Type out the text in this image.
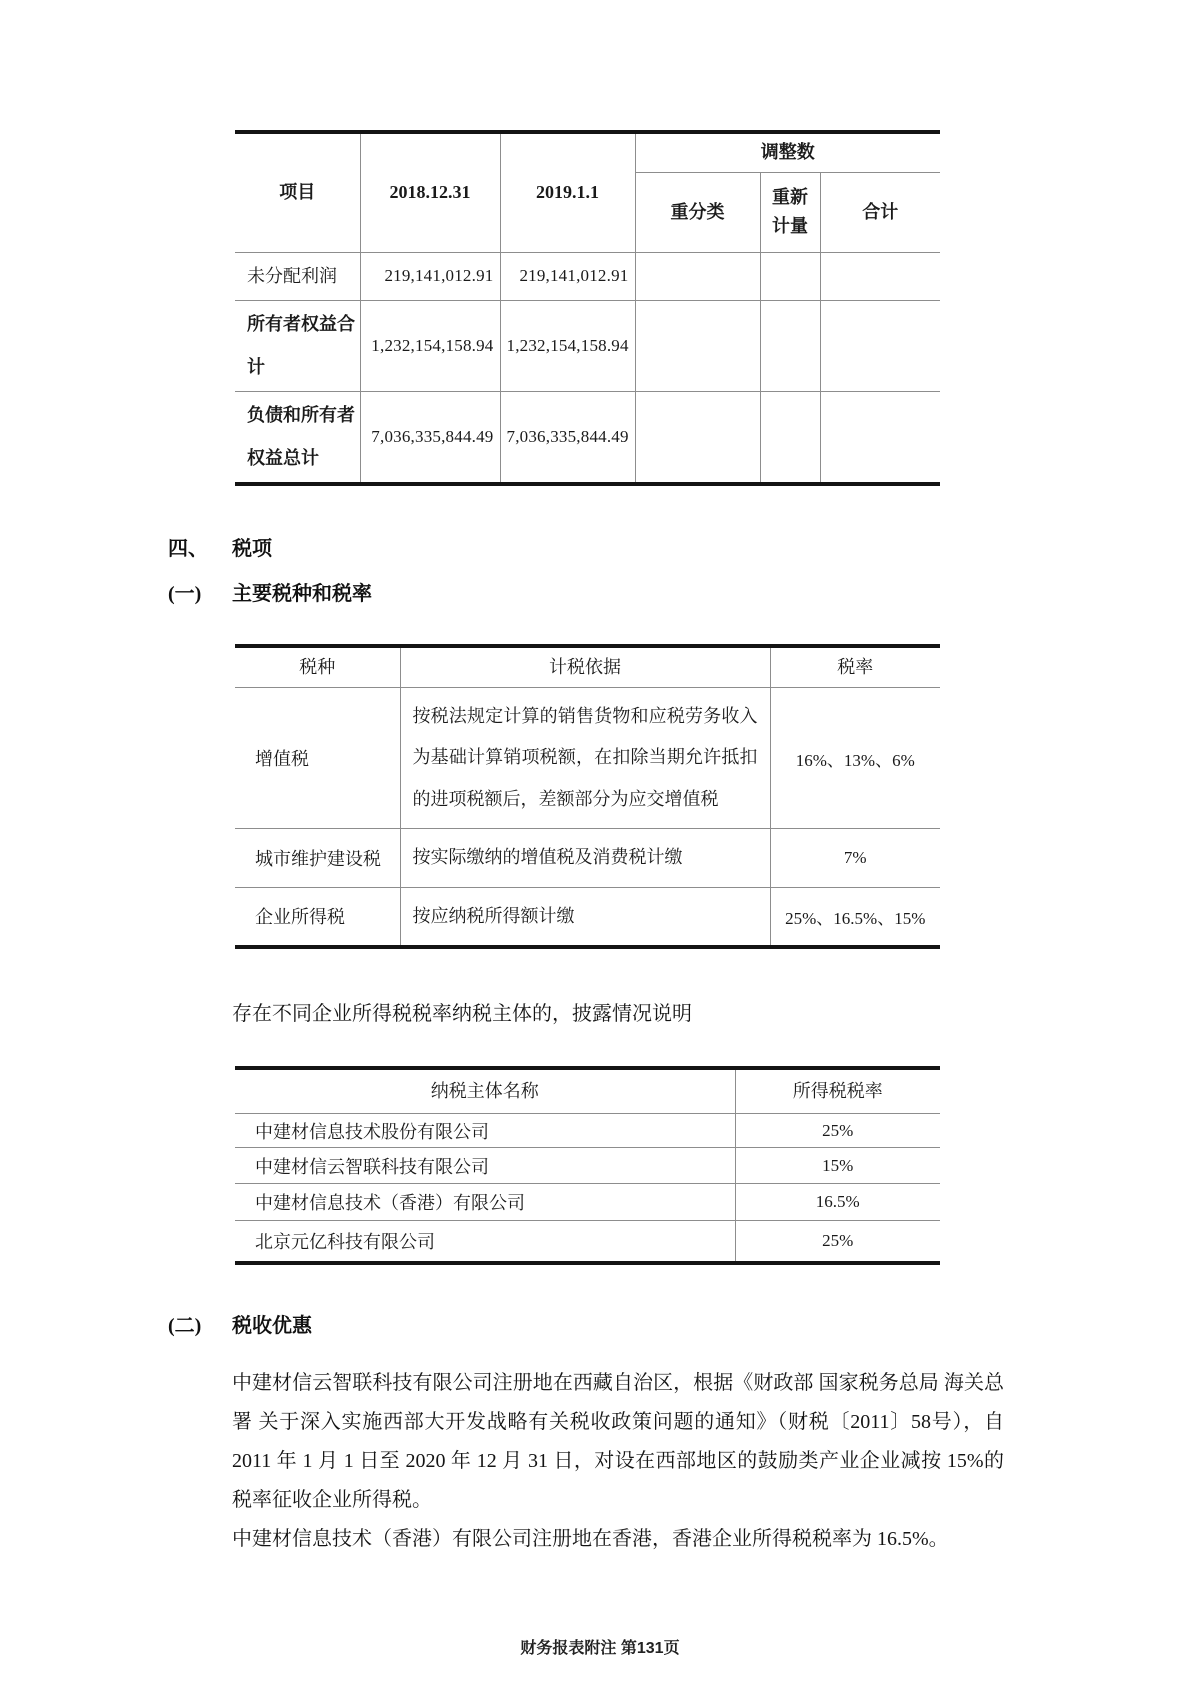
项目	2018.12.31	2019.1.1	调整数		
			重分类	重新计量	合计
未分配利润	219,141,012.91	219,141,012.91			
所有者权益合计	1,232,154,158.94	1,232,154,158.94			
负债和所有者权益总计	7,036,335,844.49	7,036,335,844.49			
四、 税项
(一) 主要税种和税率
税种	计税依据	税率
增值税	按税法规定计算的销售货物和应税劳务收入为基础计算销项税额，在扣除当期允许抵扣的进项税额后，差额部分为应交增值税	16%、13%、6%
城市维护建设税	按实际缴纳的增值税及消费税计缴	7%
企业所得税	按应纳税所得额计缴	25%、16.5%、15%
存在不同企业所得税税率纳税主体的，披露情况说明
纳税主体名称	所得税税率
中建材信息技术股份有限公司	25%
中建材信云智联科技有限公司	15%
中建材信息技术（香港）有限公司	16.5%
北京元亿科技有限公司	25%
(二) 税收优惠

中建材信云智联科技有限公司注册地在西藏自治区，根据《财政部 国家税务总局 海关总署 关于深入实施西部大开发战略有关税收政策问题的通知》（财税〔2011〕58号），自 2011 年 1 月 1 日至 2020 年 12 月 31 日，对设在西部地区的鼓励类产业企业减按 15%的税率征收企业所得税。

中建材信息技术（香港）有限公司注册地在香港，香港企业所得税税率为 16.5%。

财务报表附注 第131页
